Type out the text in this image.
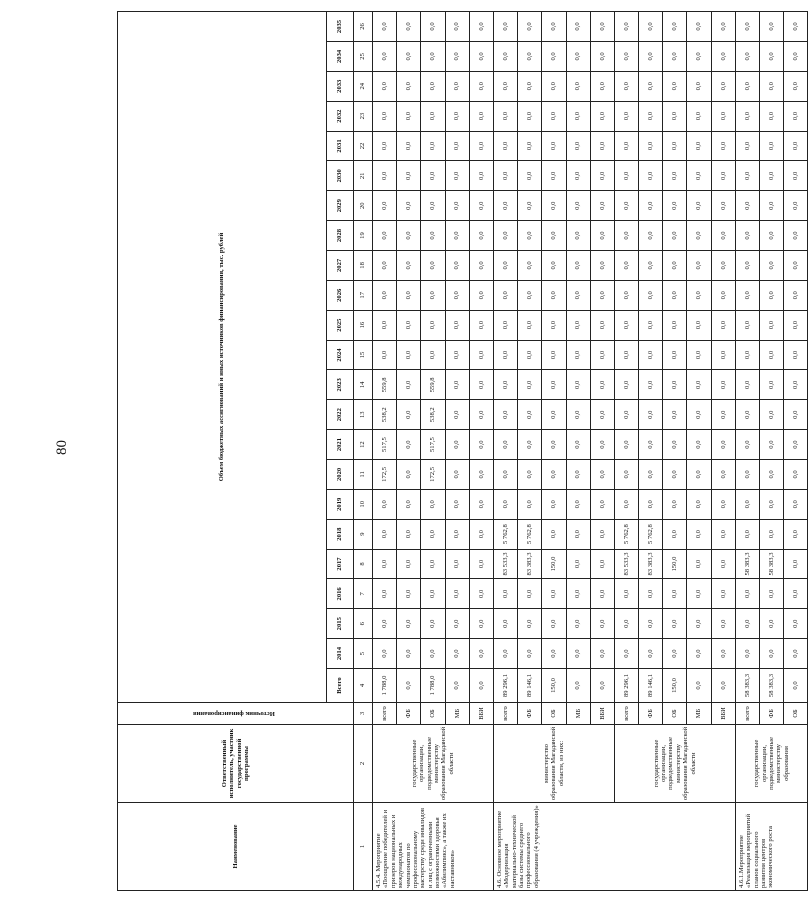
80
Наименование	Ответственный исполнитель, участник государственной программы	Источник финансирования	Объем бюджетных ассигнований и иных источников финансирования, тыс. рублей																						
			Всего	2014	2015	2016	2017	2018	2019	2020	2021	2022	2023	2024	2025	2026	2027	2028	2029	2030	2031	2032	2033	2034	2035
1	2	3	4	5	6	7	8	9	10	11	12	13	14	15	16	17	18	19	20	21	22	23	24	25	26
4.5.4. Мероприятие «Поощрение победителей и призеров национальных и международных чемпионатов по профессиональному мастерству среди инвалидов и лиц с ограниченными возможностями здоровья «Абилимпикс», а также их наставников»	государственные организации, подведомственные министерству образования Магаданской области	всего	1 788,0	0,0	0,0	0,0	0,0	0,0	0,0	172,5	517,5	538,2	559,8	0,0	0,0	0,0	0,0	0,0	0,0	0,0	0,0	0,0	0,0	0,0	0,0
		ФБ	0,0	0,0	0,0	0,0	0,0	0,0	0,0	0,0	0,0	0,0	0,0	0,0	0,0	0,0	0,0	0,0	0,0	0,0	0,0	0,0	0,0	0,0	0,0
		ОБ	1 788,0	0,0	0,0	0,0	0,0	0,0	0,0	172,5	517,5	538,2	559,8	0,0	0,0	0,0	0,0	0,0	0,0	0,0	0,0	0,0	0,0	0,0	0,0
		МБ	0,0	0,0	0,0	0,0	0,0	0,0	0,0	0,0	0,0	0,0	0,0	0,0	0,0	0,0	0,0	0,0	0,0	0,0	0,0	0,0	0,0	0,0	0,0
		ВБИ	0,0	0,0	0,0	0,0	0,0	0,0	0,0	0,0	0,0	0,0	0,0	0,0	0,0	0,0	0,0	0,0	0,0	0,0	0,0	0,0	0,0	0,0	0,0
4.6. Основное мероприятие «Модернизация материально-технической базы системы среднего профессионального образования (4 учреждения)»	министерство образования Магаданской области, из них:	всего	89 296,1	0,0	0,0	0,0	83 533,3	5 762,8	0,0	0,0	0,0	0,0	0,0	0,0	0,0	0,0	0,0	0,0	0,0	0,0	0,0	0,0	0,0	0,0	0,0
		ФБ	89 146,1	0,0	0,0	0,0	83 383,3	5 762,8	0,0	0,0	0,0	0,0	0,0	0,0	0,0	0,0	0,0	0,0	0,0	0,0	0,0	0,0	0,0	0,0	0,0
		ОБ	150,0	0,0	0,0	0,0	150,0	0,0	0,0	0,0	0,0	0,0	0,0	0,0	0,0	0,0	0,0	0,0	0,0	0,0	0,0	0,0	0,0	0,0	0,0
		МБ	0,0	0,0	0,0	0,0	0,0	0,0	0,0	0,0	0,0	0,0	0,0	0,0	0,0	0,0	0,0	0,0	0,0	0,0	0,0	0,0	0,0	0,0	0,0
		ВБИ	0,0	0,0	0,0	0,0	0,0	0,0	0,0	0,0	0,0	0,0	0,0	0,0	0,0	0,0	0,0	0,0	0,0	0,0	0,0	0,0	0,0	0,0	0,0
	государственные организации, подведомственные министерству образования Магаданской области	всего	89 296,1	0,0	0,0	0,0	83 533,3	5 762,8	0,0	0,0	0,0	0,0	0,0	0,0	0,0	0,0	0,0	0,0	0,0	0,0	0,0	0,0	0,0	0,0	0,0
		ФБ	89 146,1	0,0	0,0	0,0	83 383,3	5 762,8	0,0	0,0	0,0	0,0	0,0	0,0	0,0	0,0	0,0	0,0	0,0	0,0	0,0	0,0	0,0	0,0	0,0
		ОБ	150,0	0,0	0,0	0,0	150,0	0,0	0,0	0,0	0,0	0,0	0,0	0,0	0,0	0,0	0,0	0,0	0,0	0,0	0,0	0,0	0,0	0,0	0,0
		МБ	0,0	0,0	0,0	0,0	0,0	0,0	0,0	0,0	0,0	0,0	0,0	0,0	0,0	0,0	0,0	0,0	0,0	0,0	0,0	0,0	0,0	0,0	0,0
		ВБИ	0,0	0,0	0,0	0,0	0,0	0,0	0,0	0,0	0,0	0,0	0,0	0,0	0,0	0,0	0,0	0,0	0,0	0,0	0,0	0,0	0,0	0,0	0,0
4.6.1.Мероприятие «Реализация мероприятий планов социального развития центров экономического роста	государственные организации, подведомственные министерству образования	всего	58 383,3	0,0	0,0	0,0	58 383,3	0,0	0,0	0,0	0,0	0,0	0,0	0,0	0,0	0,0	0,0	0,0	0,0	0,0	0,0	0,0	0,0	0,0	0,0
		ФБ	58 383,3	0,0	0,0	0,0	58 383,3	0,0	0,0	0,0	0,0	0,0	0,0	0,0	0,0	0,0	0,0	0,0	0,0	0,0	0,0	0,0	0,0	0,0	0,0
		ОБ	0,0	0,0	0,0	0,0	0,0	0,0	0,0	0,0	0,0	0,0	0,0	0,0	0,0	0,0	0,0	0,0	0,0	0,0	0,0	0,0	0,0	0,0	0,0
